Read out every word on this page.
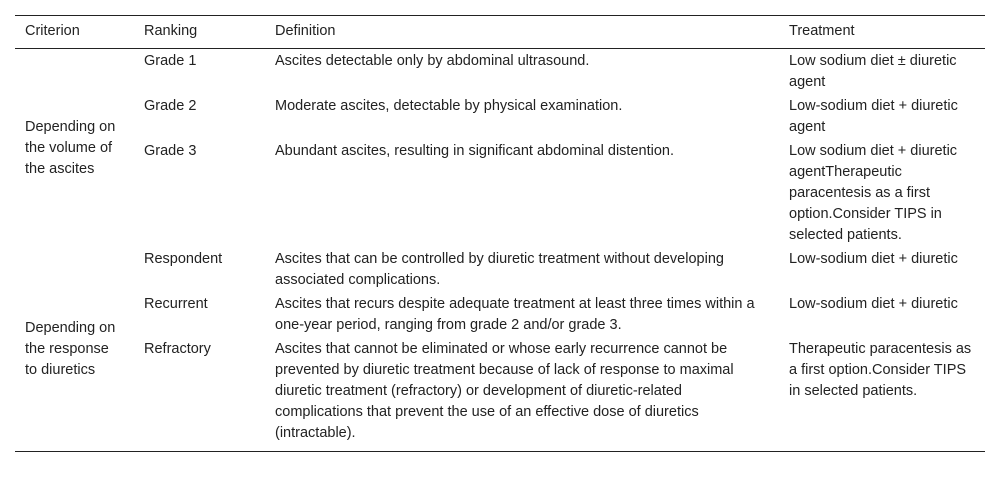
Criterion	Ranking	Definition	Treatment
Depending on the volume of the ascites	Grade 1	Ascites detectable only by abdominal ultrasound.	Low sodium diet ± diuretic agent
	Grade 2	Moderate ascites, detectable by physical examination.	Low-sodium diet + diuretic agent
	Grade 3	Abundant ascites, resulting in significant abdominal distention.	Low sodium diet + diuretic agentTherapeutic paracentesis as a first option.Consider TIPS in selected patients.
Depending on the response to diuretics	Respondent	Ascites that can be controlled by diuretic treatment without developing associated complications.	Low-sodium diet + diuretic
	Recurrent	Ascites that recurs despite adequate treatment at least three times within a one-year period, ranging from grade 2 and/or grade 3.	Low-sodium diet + diuretic
	Refractory	Ascites that cannot be eliminated or whose early recurrence cannot be prevented by diuretic treatment because of lack of response to maximal diuretic treatment (refractory) or development of diuretic-related complications that prevent the use of an effective dose of diuretics (intractable).	Therapeutic paracentesis as a first option.Consider TIPS in selected patients.
